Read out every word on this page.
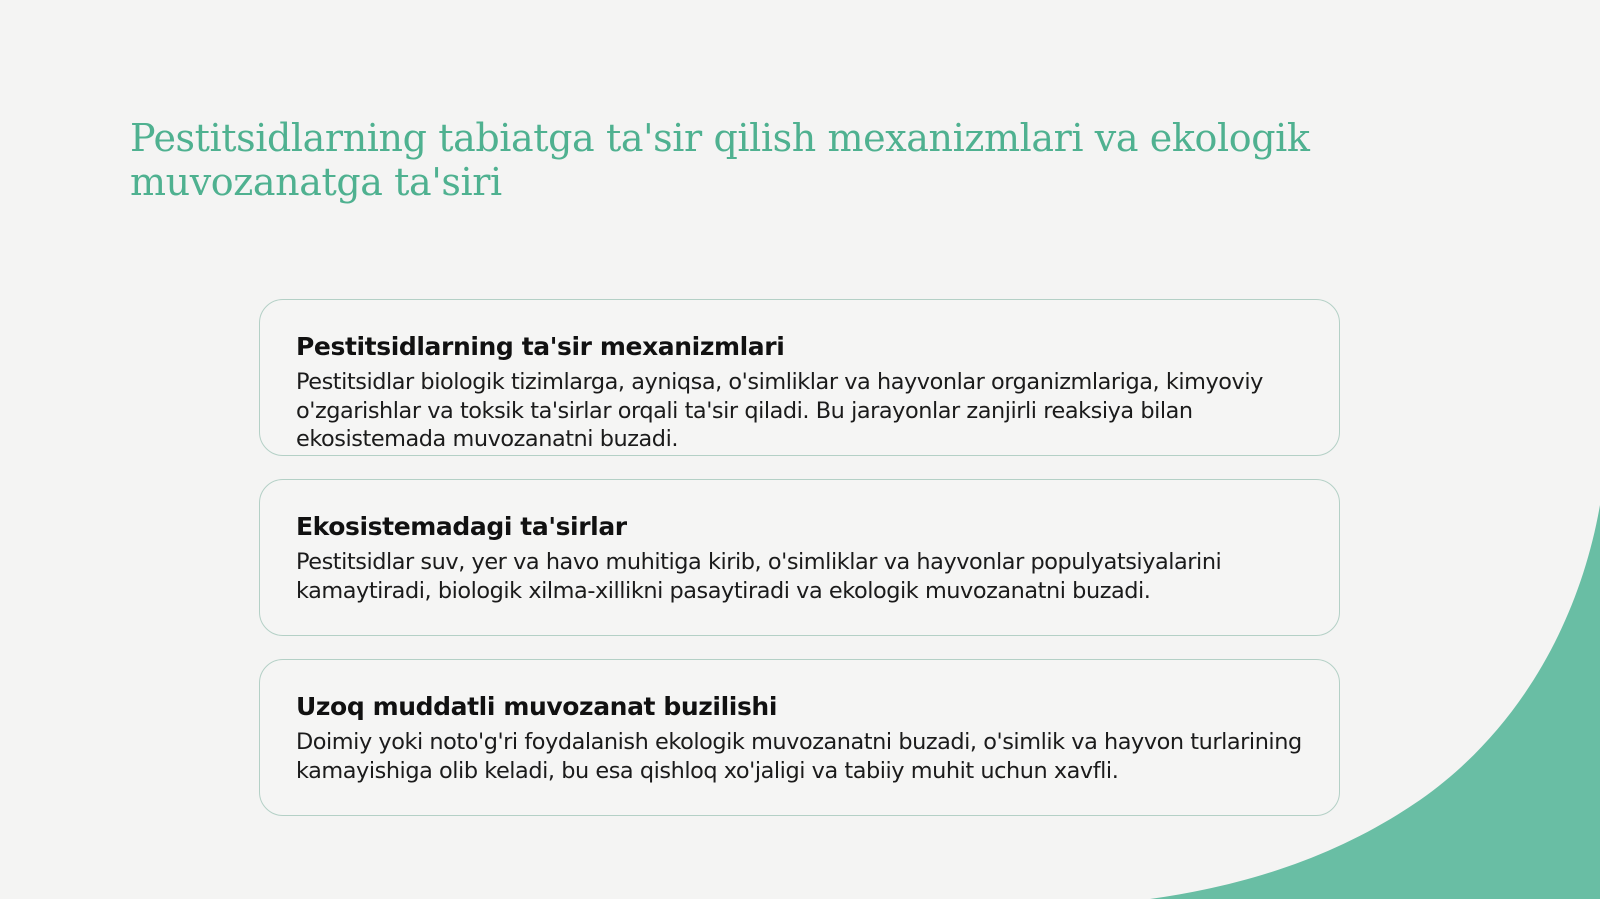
Pestitsidlarning tabiatga ta'sir qilish mexanizmlari va ekologik muvozanatga ta'siri
Pestitsidlarning ta'sir mexanizmlari

Pestitsidlar biologik tizimlarga, ayniqsa, o'simliklar va hayvonlar organizmlariga, kimyoviy o'zgarishlar va toksik ta'sirlar orqali ta'sir qiladi. Bu jarayonlar zanjirli reaksiya bilan ekosistemada muvozanatni buzadi.

Ekosistemadagi ta'sirlar

Pestitsidlar suv, yer va havo muhitiga kirib, o'simliklar va hayvonlar populyatsiyalarini kamaytiradi, biologik xilma-xillikni pasaytiradi va ekologik muvozanatni buzadi.

Uzoq muddatli muvozanat buzilishi

Doimiy yoki noto'g'ri foydalanish ekologik muvozanatni buzadi, o'simlik va hayvon turlarining kamayishiga olib keladi, bu esa qishloq xo'jaligi va tabiiy muhit uchun xavfli.
